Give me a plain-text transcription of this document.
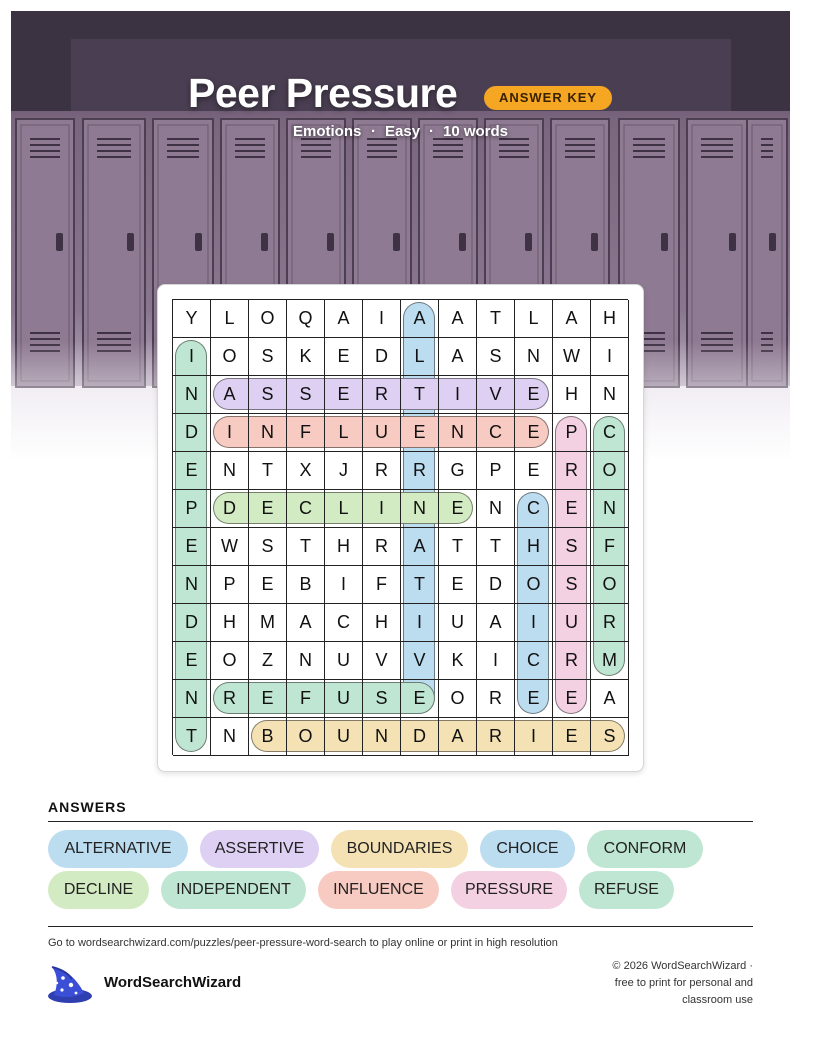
Peer Pressure	ANSWER KEY
Emotions · Easy · 10 words
Y	L	O	Q	A	I	A	A	T	L	A	H
I	O	S	K	E	D	L	A	S	N	W	I
N	A	S	S	E	R	T	I	V	E	H	N
D	I	N	F	L	U	E	N	C	E	P	C
E	N	T	X	J	R	R	G	P	E	R	O
P	D	E	C	L	I	N	E	N	C	E	N
E	W	S	T	H	R	A	T	T	H	S	F
N	P	E	B	I	F	T	E	D	O	S	O
D	H	M	A	C	H	I	U	A	I	U	R
E	O	Z	N	U	V	V	K	I	C	R	M
N	R	E	F	U	S	E	O	R	E	E	A
T	N	B	O	U	N	D	A	R	I	E	S
ANSWERS
ALTERNATIVE	ASSERTIVE	BOUNDARIES	CHOICE	CONFORM
DECLINE	INDEPENDENT	INFLUENCE	PRESSURE	REFUSE
Go to wordsearchwizard.com/puzzles/peer-pressure-word-search to play online or print in high resolution
WordSearchWizard
© 2026 WordSearchWizard ·
free to print for personal and
classroom use
